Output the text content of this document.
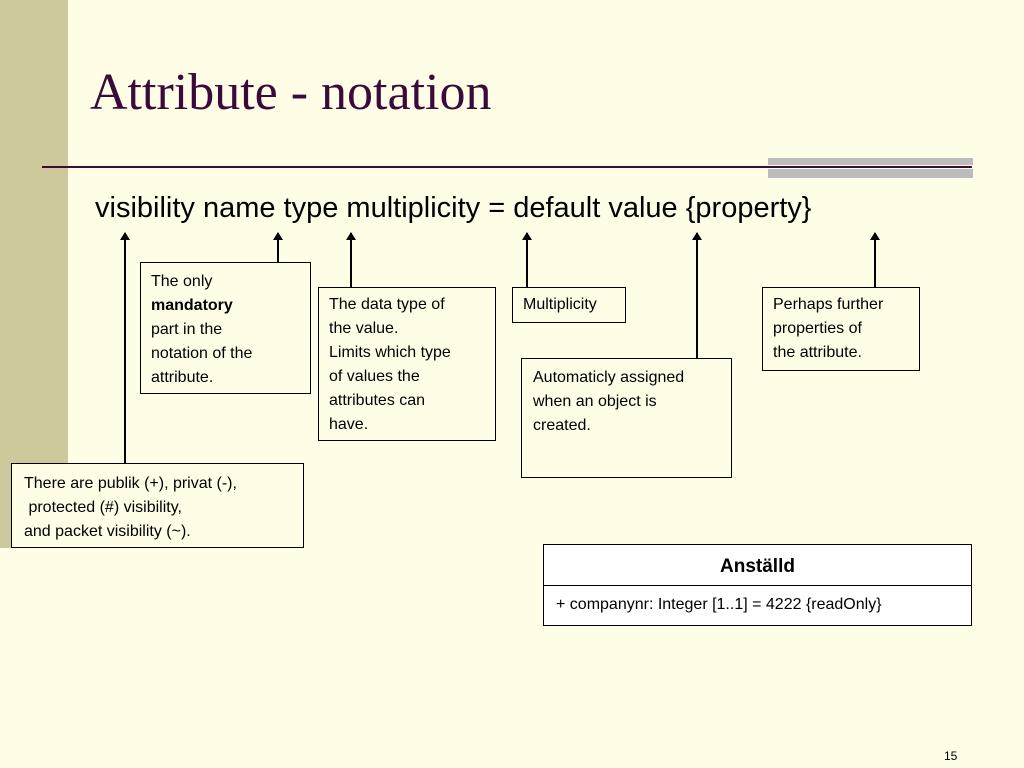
Attribute - notation
visibility name type multiplicity = default value {property}
The only
mandatory
part in the
notation of the
attribute.
The data type of
the value.
Limits which type
of values the
attributes can
have.
Multiplicity
Automaticly assigned
when an object is
created.
Perhaps further
properties of
the attribute.
There are publik (+), privat (-),
protected (#) visibility,
and packet visibility (~).
Anställd
+ companynr: Integer [1..1] = 4222 {readOnly}
15
